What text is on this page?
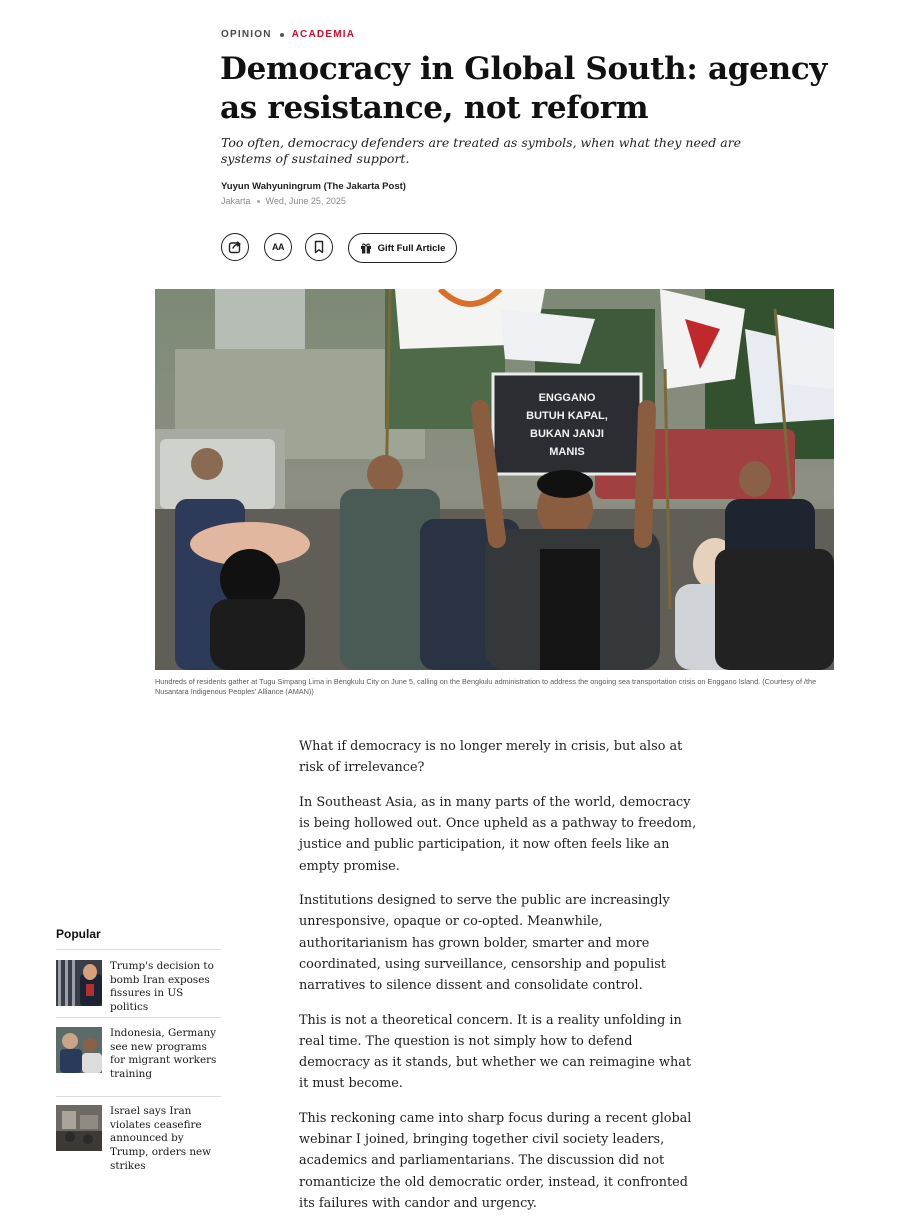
OPINION ACADEMIA
Democracy in Global South: agency as resistance, not reform

Too often, democracy defenders are treated as symbols, when what they need are systems of sustained support.

Yuyun Wahyuningrum (The Jakarta Post)
Jakarta Wed, June 25, 2025
AA	Gift Full Article
ENGGANO
BUTUH KAPAL,
BUKAN JANJI
MANIS

Hundreds of residents gather at Tugu Simpang Lima in Bengkulu City on June 5, calling on the Bengkulu administration to address the ongoing sea transportation crisis on Enggano Island. (Courtesy of /the Nusantara Indigenous Peoples' Alliance (AMAN))

What if democracy is no longer merely in crisis, but also at risk of irrelevance?

In Southeast Asia, as in many parts of the world, democracy is being hollowed out. Once upheld as a pathway to freedom, justice and public participation, it now often feels like an empty promise.

Institutions designed to serve the public are increasingly unresponsive, opaque or co-opted. Meanwhile, authoritarianism has grown bolder, smarter and more coordinated, using surveillance, censorship and populist narratives to silence dissent and consolidate control.

This is not a theoretical concern. It is a reality unfolding in real time. The question is not simply how to defend democracy as it stands, but whether we can reimagine what it must become.

This reckoning came into sharp focus during a recent global webinar I joined, bringing together civil society leaders, academics and parliamentarians. The discussion did not romanticize the old democratic order, instead, it confronted its failures with candor and urgency.

Popular
Trump's decision to bomb Iran exposes fissures in US politics
Indonesia, Germany see new programs for migrant workers training
Israel says Iran violates ceasefire announced by Trump, orders new strikes
